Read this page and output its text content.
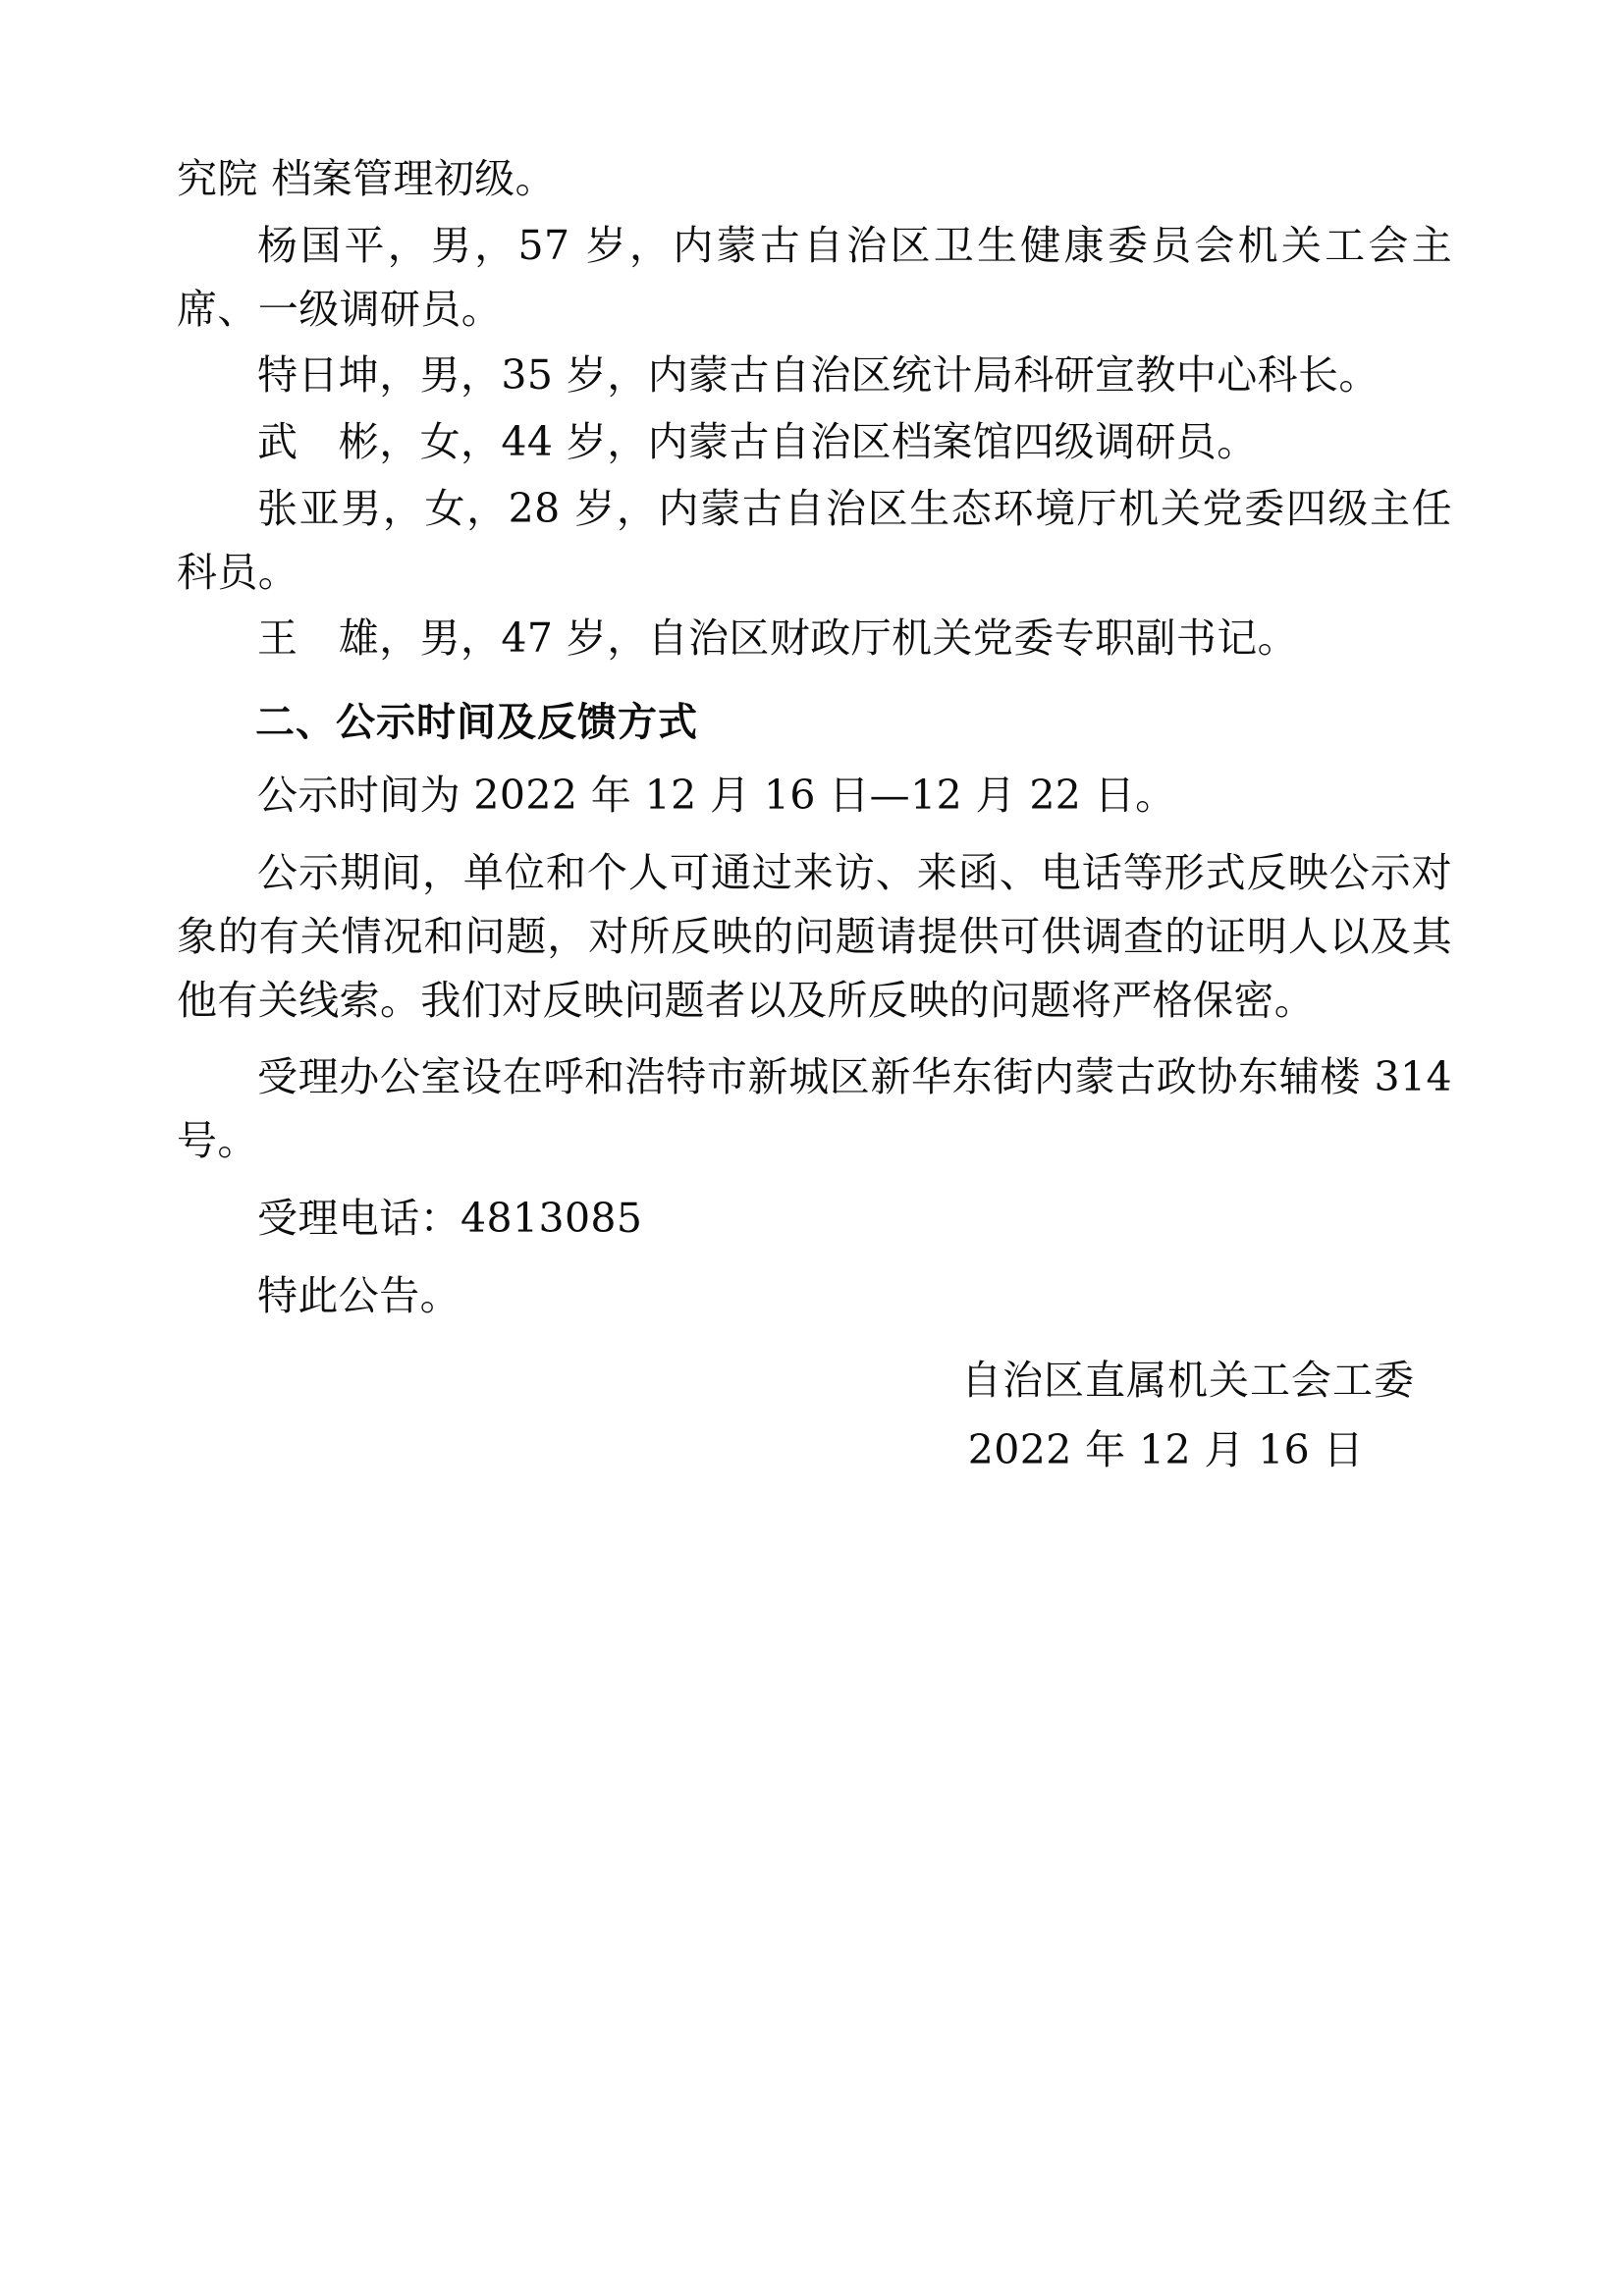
究院 档案管理初级。

杨国平，男，57 岁，内蒙古自治区卫生健康委员会机关工会主席、一级调研员。

特日坤，男，35 岁，内蒙古自治区统计局科研宣教中心科长。

武　彬，女，44 岁，内蒙古自治区档案馆四级调研员。

张亚男，女，28 岁，内蒙古自治区生态环境厅机关党委四级主任科员。

王　雄，男，47 岁，自治区财政厅机关党委专职副书记。

二、公示时间及反馈方式

公示时间为 2022 年 12 月 16 日—12 月 22 日。

公示期间，单位和个人可通过来访、来函、电话等形式反映公示对象的有关情况和问题，对所反映的问题请提供可供调查的证明人以及其他有关线索。我们对反映问题者以及所反映的问题将严格保密。

受理办公室设在呼和浩特市新城区新华东街内蒙古政协东辅楼 314 号。

受理电话：4813085

特此公告。

自治区直属机关工会工委

2022 年 12 月 16 日
